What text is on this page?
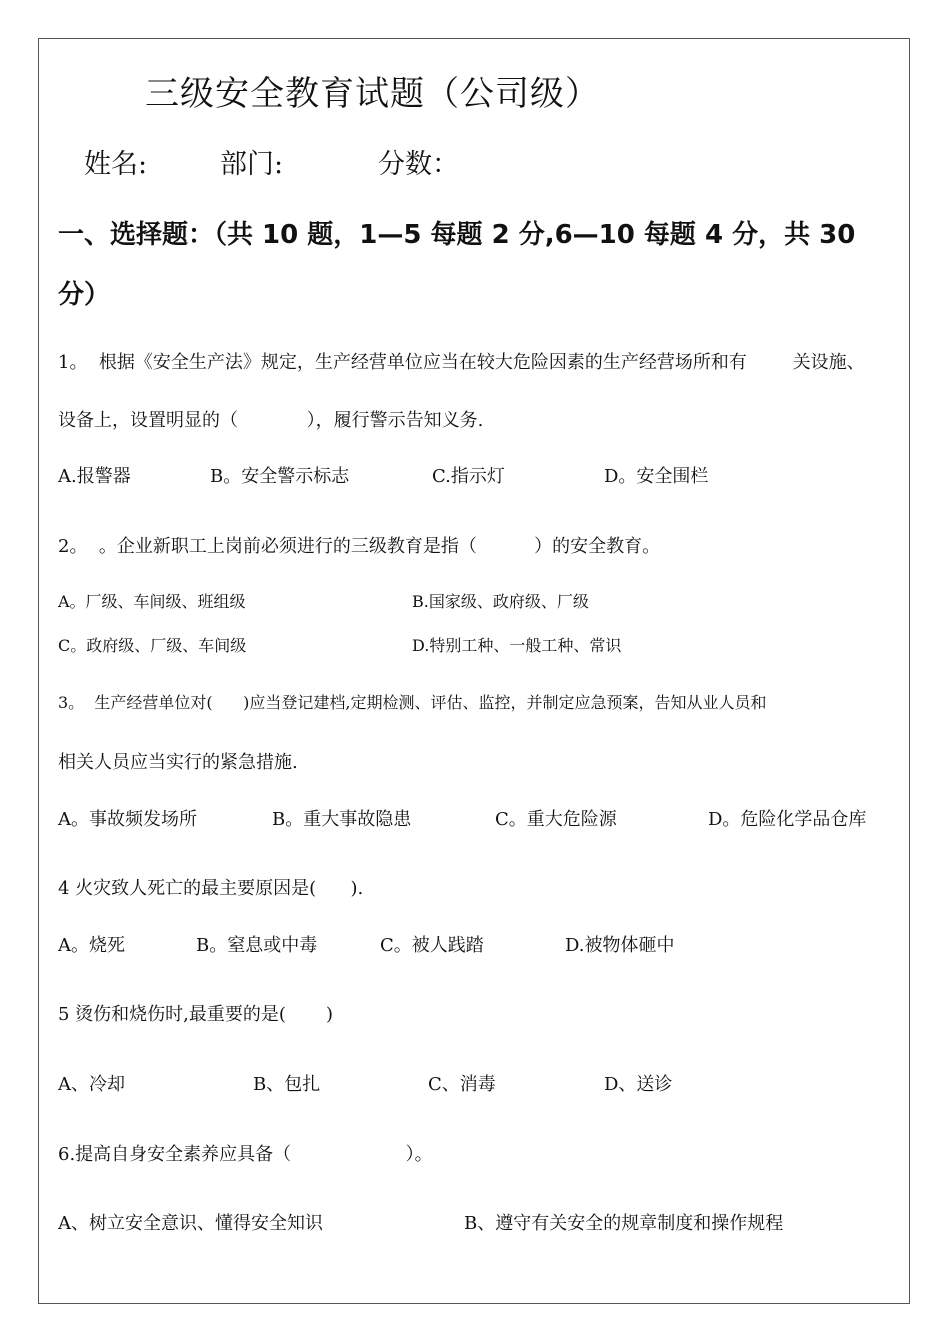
三级安全教育试题（公司级）
姓名:	部门:	分数：
一、选择题：（共 10 题，1—5 每题 2 分,6—10 每题 4 分，共 30
分）
1。  根据《安全生产法》规定，生产经营单位应当在较大危险因素的生产经营场所和有        关设施、
设备上，设置明显的（            ），履行警示告知义务.
A.报警器	B。安全警示标志	C.指示灯	D。安全围栏
2。  。企业新职工上岗前必须进行的三级教育是指（          ）的安全教育。
A。厂级、车间级、班组级	B.国家级、政府级、厂级
C。政府级、厂级、车间级	D.特别工种、一般工种、常识
3。  生产经营单位对(      )应当登记建档,定期检测、评估、监控，并制定应急预案，告知从业人员和
相关人员应当实行的紧急措施.
A。事故频发场所	B。重大事故隐患	C。重大危险源	D。危险化学品仓库
4 火灾致人死亡的最主要原因是(      ).
A。烧死	B。窒息或中毒	C。被人践踏	D.被物体砸中
5 烫伤和烧伤时,最重要的是(       )
A、冷却	B、包扎	C、消毒	D、送诊
6.提高自身安全素养应具备（                    ）。
A、树立安全意识、懂得安全知识	B、遵守有关安全的规章制度和操作规程
